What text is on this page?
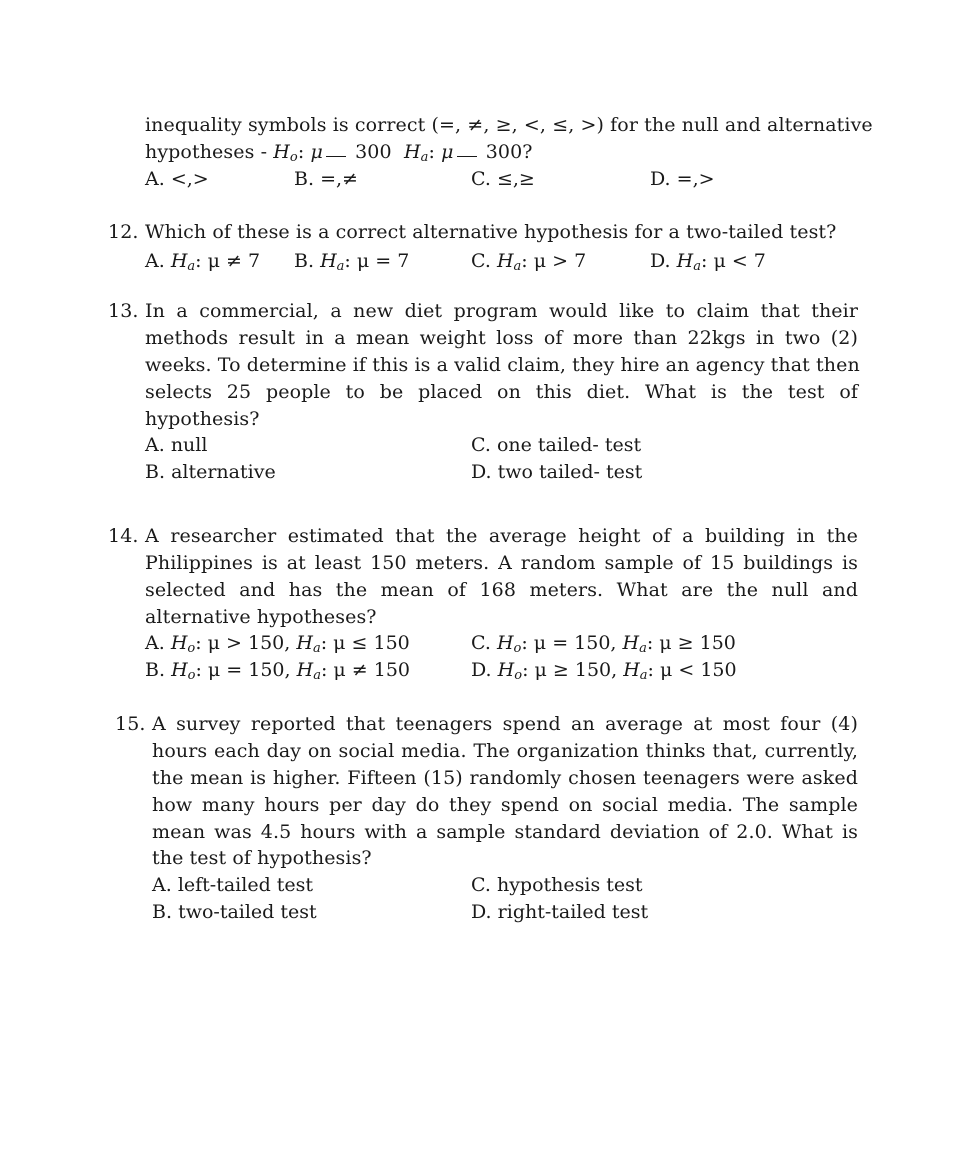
inequality symbols is correct (=, ≠, ≥, <, ≤, >) for the null and alternative
hypotheses - $H_o$: μ 300 $H_a$: μ 300?
A. <,>	B. =,≠	C. ≤,≥	D. =,>
12. Which of these is a correct alternative hypothesis for a two-tailed test?
A. $H_a$: μ ≠ 7 B. $H_a$: μ = 7	C. $H_a$: μ > 7	D. $H_a$: μ < 7
13. In a commercial, a new diet program would like to claim that their
methods result in a mean weight loss of more than 22kgs in two (2)
weeks. To determine if this is a valid claim, they hire an agency that then
selects 25 people to be placed on this diet. What is the test of
hypothesis?
A. null	C. one tailed- test
B. alternative	D. two tailed- test
14. A researcher estimated that the average height of a building in the
Philippines is at least 150 meters. A random sample of 15 buildings is
selected and has the mean of 168 meters. What are the null and
alternative hypotheses?
A. $H_o$: μ > 150, $H_a$: μ ≤ 150	C. $H_o$: μ = 150, $H_a$: μ ≥ 150
B. $H_o$: μ = 150, $H_a$: μ ≠ 150	D. $H_o$: μ ≥ 150, $H_a$: μ < 150
15. A survey reported that teenagers spend an average at most four (4)
hours each day on social media. The organization thinks that, currently,
the mean is higher. Fifteen (15) randomly chosen teenagers were asked
how many hours per day do they spend on social media. The sample
mean was 4.5 hours with a sample standard deviation of 2.0. What is
the test of hypothesis?
A. left-tailed test	C. hypothesis test
B. two-tailed test	D. right-tailed test
